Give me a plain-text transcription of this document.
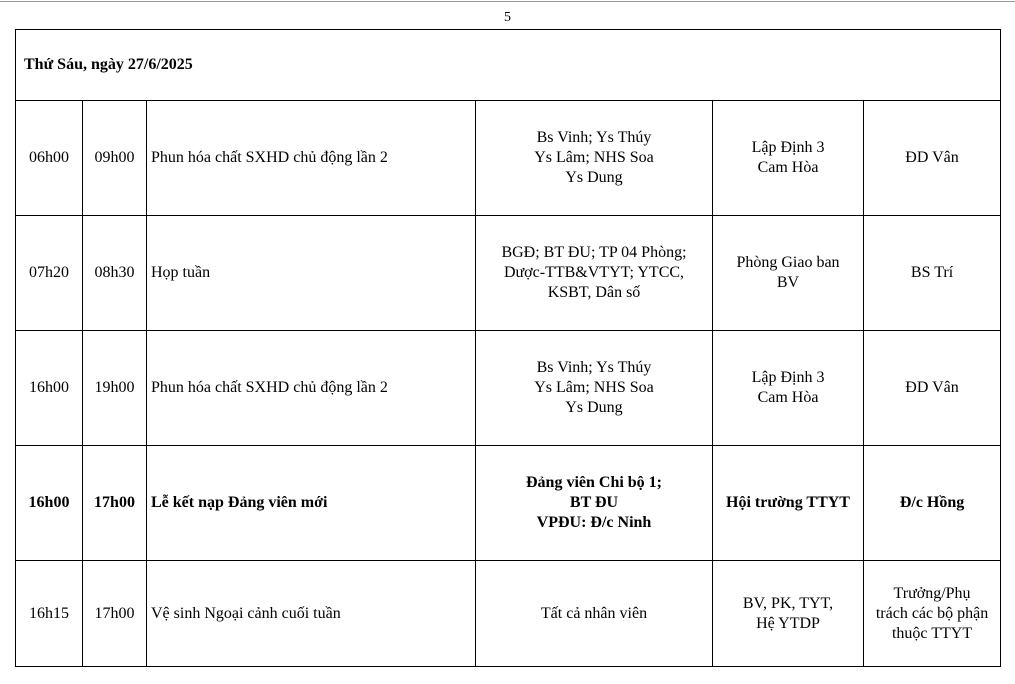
5
Thứ Sáu, ngày 27/6/2025					
06h00	09h00	Phun hóa chất SXHD chủ động lần 2	Bs Vinh; Ys Thúy
Ys Lâm; NHS Soa
Ys Dung	Lập Định 3
Cam Hòa	ĐD Vân

07h20	08h30	Họp tuần	BGĐ; BT ĐU; TP 04 Phòng;
Dược-TTB&VTYT; YTCC,
KSBT, Dân số	Phòng Giao ban
BV	BS Trí

16h00	19h00	Phun hóa chất SXHD chủ động lần 2	Bs Vinh; Ys Thúy
Ys Lâm; NHS Soa
Ys Dung	Lập Định 3
Cam Hòa	ĐD Vân

16h00	17h00	Lễ kết nạp Đảng viên mới	Đảng viên Chi bộ 1;
BT ĐU
VPĐU: Đ/c Ninh	Hội trường TTYT	Đ/c Hồng

16h15	17h00	Vệ sinh Ngoại cảnh cuối tuần	Tất cả nhân viên	BV, PK, TYT,
Hệ YTDP	Trưởng/Phụ
trách các bộ phận
thuộc TTYT
